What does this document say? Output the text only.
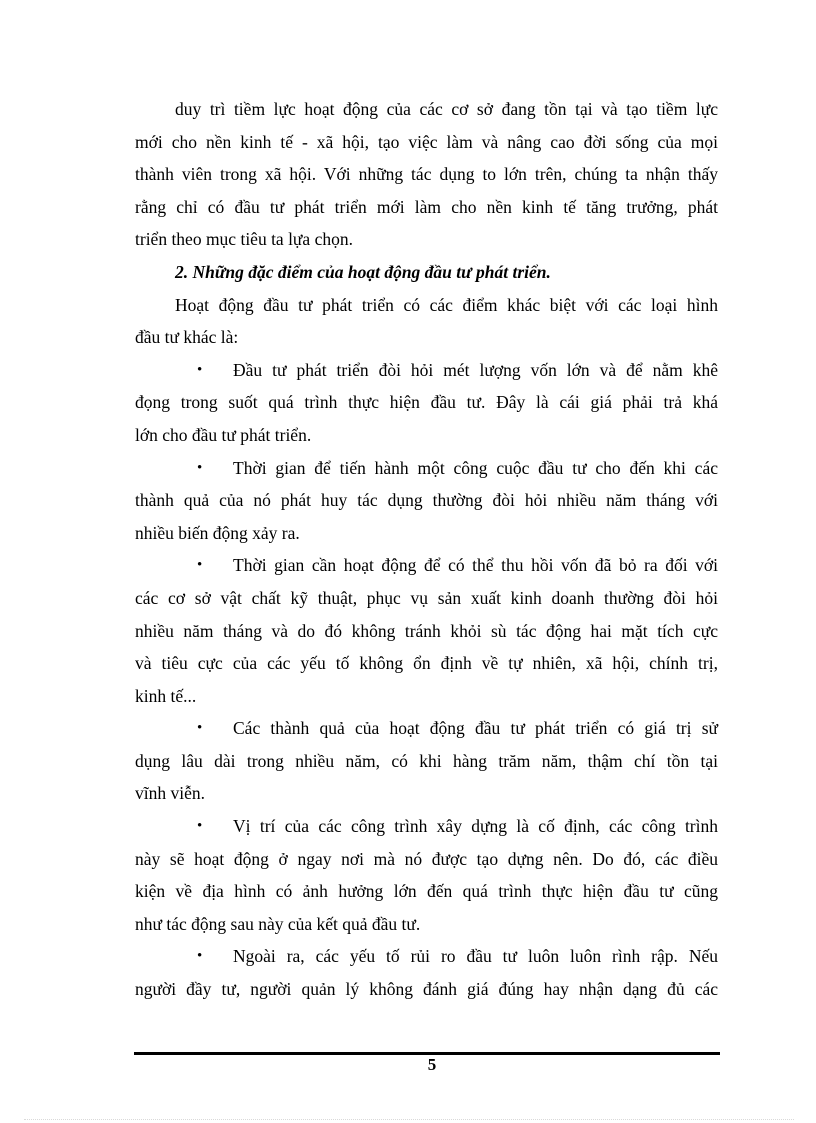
duy trì tiềm lực hoạt động của các cơ sở đang tồn tại và tạo tiềm lực
mới cho nền kinh tế - xã hội, tạo việc làm và nâng cao đời sống của mọi
thành viên trong xã hội. Với những tác dụng to lớn trên, chúng ta nhận thấy
rằng chỉ có đầu tư phát triển mới làm cho nền kinh tế tăng trưởng, phát
triển theo mục tiêu ta lựa chọn.
2. Những đặc điểm của hoạt động đầu tư phát triển.
Hoạt động đầu tư phát triển có các điểm khác biệt với các loại hình
đầu tư khác là:
• Đầu tư phát triển đòi hỏi mét lượng vốn lớn và để nằm khê
đọng trong suốt quá trình thực hiện đầu tư. Đây là cái giá phải trả khá
lớn cho đầu tư phát triển.
• Thời gian để tiến hành một công cuộc đầu tư cho đến khi các
thành quả của nó phát huy tác dụng thường đòi hỏi nhiều năm tháng với
nhiều biến động xảy ra.
• Thời gian cần hoạt động để có thể thu hồi vốn đã bỏ ra đối với
các cơ sở vật chất kỹ thuật, phục vụ sản xuất kinh doanh thường đòi hỏi
nhiều năm tháng và do đó không tránh khỏi sù tác động hai mặt tích cực
và tiêu cực của các yếu tố không ổn định về tự nhiên, xã hội, chính trị,
kinh tế...
• Các thành quả của hoạt động đầu tư phát triển có giá trị sử
dụng lâu dài trong nhiều năm, có khi hàng trăm năm, thậm chí tồn tại
vĩnh viễn.
• Vị trí của các công trình xây dựng là cố định, các công trình
này sẽ hoạt động ở ngay nơi mà nó được tạo dựng nên. Do đó, các điều
kiện về địa hình có ảnh hưởng lớn đến quá trình thực hiện đầu tư cũng
như tác động sau này của kết quả đầu tư.
• Ngoài ra, các yếu tố rủi ro đầu tư luôn luôn rình rập. Nếu
người đầy tư, người quản lý không đánh giá đúng hay nhận dạng đủ các
5
